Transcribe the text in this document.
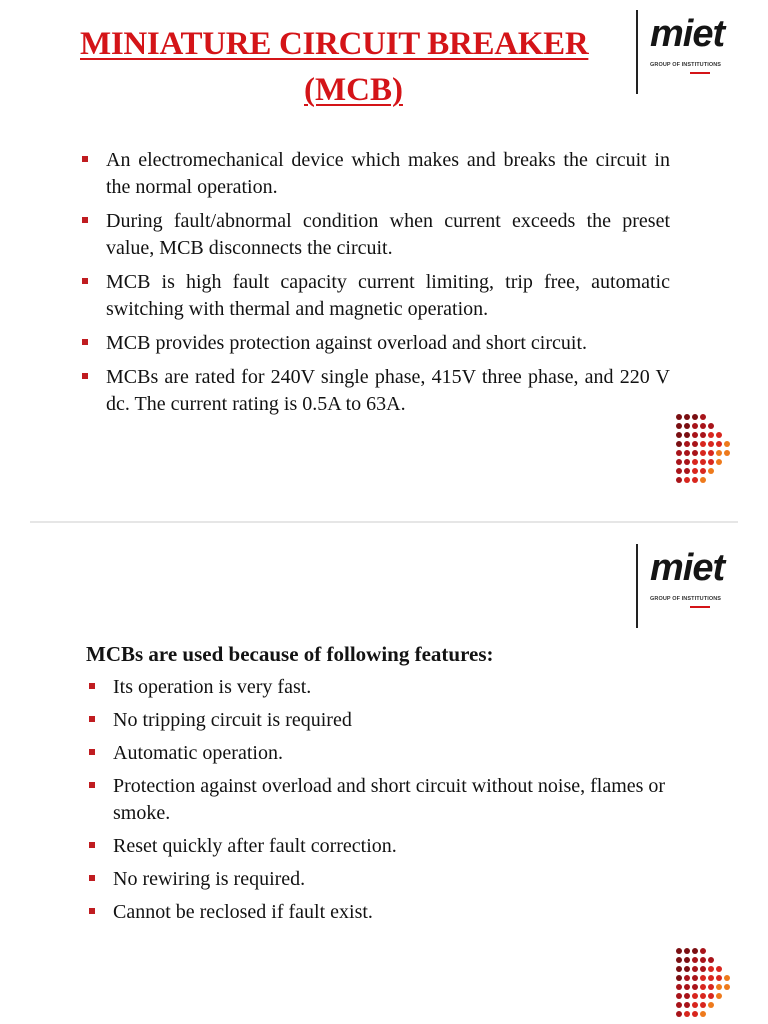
MINIATURE CIRCUIT BREAKER
(MCB)
miet
GROUP OF INSTITUTIONS
An electromechanical device which makes and breaks the circuit in the normal operation.
During fault/abnormal condition when current exceeds the preset value, MCB disconnects the circuit.
MCB is high fault capacity current limiting, trip free, automatic switching with thermal and magnetic operation.
MCB provides protection against overload and short circuit.
MCBs are rated for 240V single phase, 415V three phase, and 220 V dc. The current rating is 0.5A to 63A.
miet
GROUP OF INSTITUTIONS
MCBs are used because of following features:
Its operation is very fast.
No tripping circuit is required
Automatic operation.
Protection against overload and short circuit without noise, flames or smoke.
Reset quickly after fault correction.
No rewiring is required.
Cannot be reclosed if fault exist.
